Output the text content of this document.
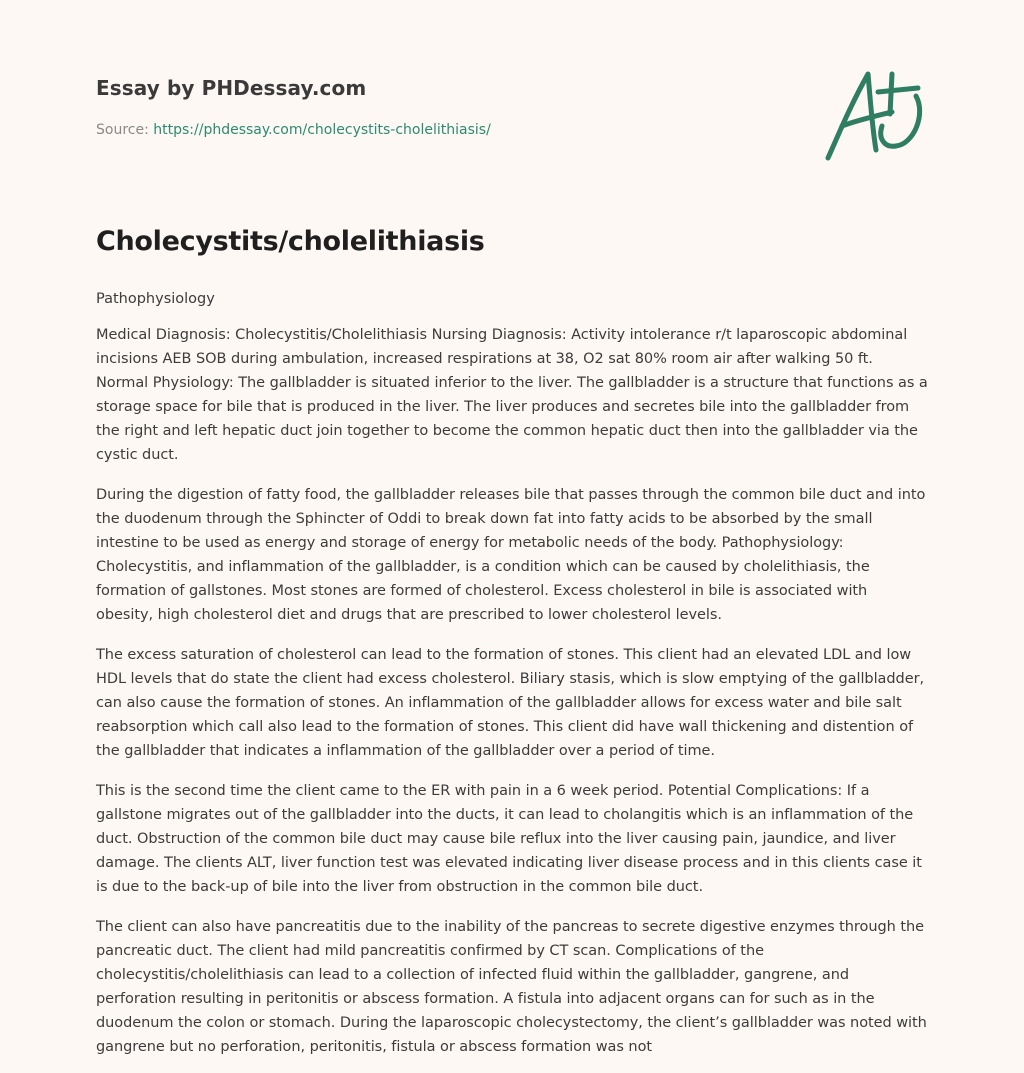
Essay by PHDessay.com

Source: https://phdessay.com/cholecystits-cholelithiasis/
Cholecystits/cholelithiasis

Pathophysiology

Medical Diagnosis: Cholecystitis/Cholelithiasis Nursing Diagnosis: Activity intolerance r/t laparoscopic abdominal incisions AEB SOB during ambulation, increased respirations at 38, O2 sat 80% room air after walking 50 ft. Normal Physiology: The gallbladder is situated inferior to the liver. The gallbladder is a structure that functions as a storage space for bile that is produced in the liver. The liver produces and secretes bile into the gallbladder from the right and left hepatic duct join together to become the common hepatic duct then into the gallbladder via the cystic duct.

During the digestion of fatty food, the gallbladder releases bile that passes through the common bile duct and into the duodenum through the Sphincter of Oddi to break down fat into fatty acids to be absorbed by the small intestine to be used as energy and storage of energy for metabolic needs of the body. Pathophysiology: Cholecystitis, and inflammation of the gallbladder, is a condition which can be caused by cholelithiasis, the formation of gallstones. Most stones are formed of cholesterol. Excess cholesterol in bile is associated with obesity, high cholesterol diet and drugs that are prescribed to lower cholesterol levels.

The excess saturation of cholesterol can lead to the formation of stones. This client had an elevated LDL and low HDL levels that do state the client had excess cholesterol. Biliary stasis, which is slow emptying of the gallbladder, can also cause the formation of stones. An inflammation of the gallbladder allows for excess water and bile salt reabsorption which call also lead to the formation of stones. This client did have wall thickening and distention of the gallbladder that indicates a inflammation of the gallbladder over a period of time.

This is the second time the client came to the ER with pain in a 6 week period. Potential Complications: If a gallstone migrates out of the gallbladder into the ducts, it can lead to cholangitis which is an inflammation of the duct. Obstruction of the common bile duct may cause bile reflux into the liver causing pain, jaundice, and liver damage. The clients ALT, liver function test was elevated indicating liver disease process and in this clients case it is due to the back-up of bile into the liver from obstruction in the common bile duct.

The client can also have pancreatitis due to the inability of the pancreas to secrete digestive enzymes through the pancreatic duct. The client had mild pancreatitis confirmed by CT scan. Complications of the cholecystitis/cholelithiasis can lead to a collection of infected fluid within the gallbladder, gangrene, and perforation resulting in peritonitis or abscess formation. A fistula into adjacent organs can for such as in the duodenum the colon or stomach. During the laparoscopic cholecystectomy, the client’s gallbladder was noted with gangrene but no perforation, peritonitis, fistula or abscess formation was not
